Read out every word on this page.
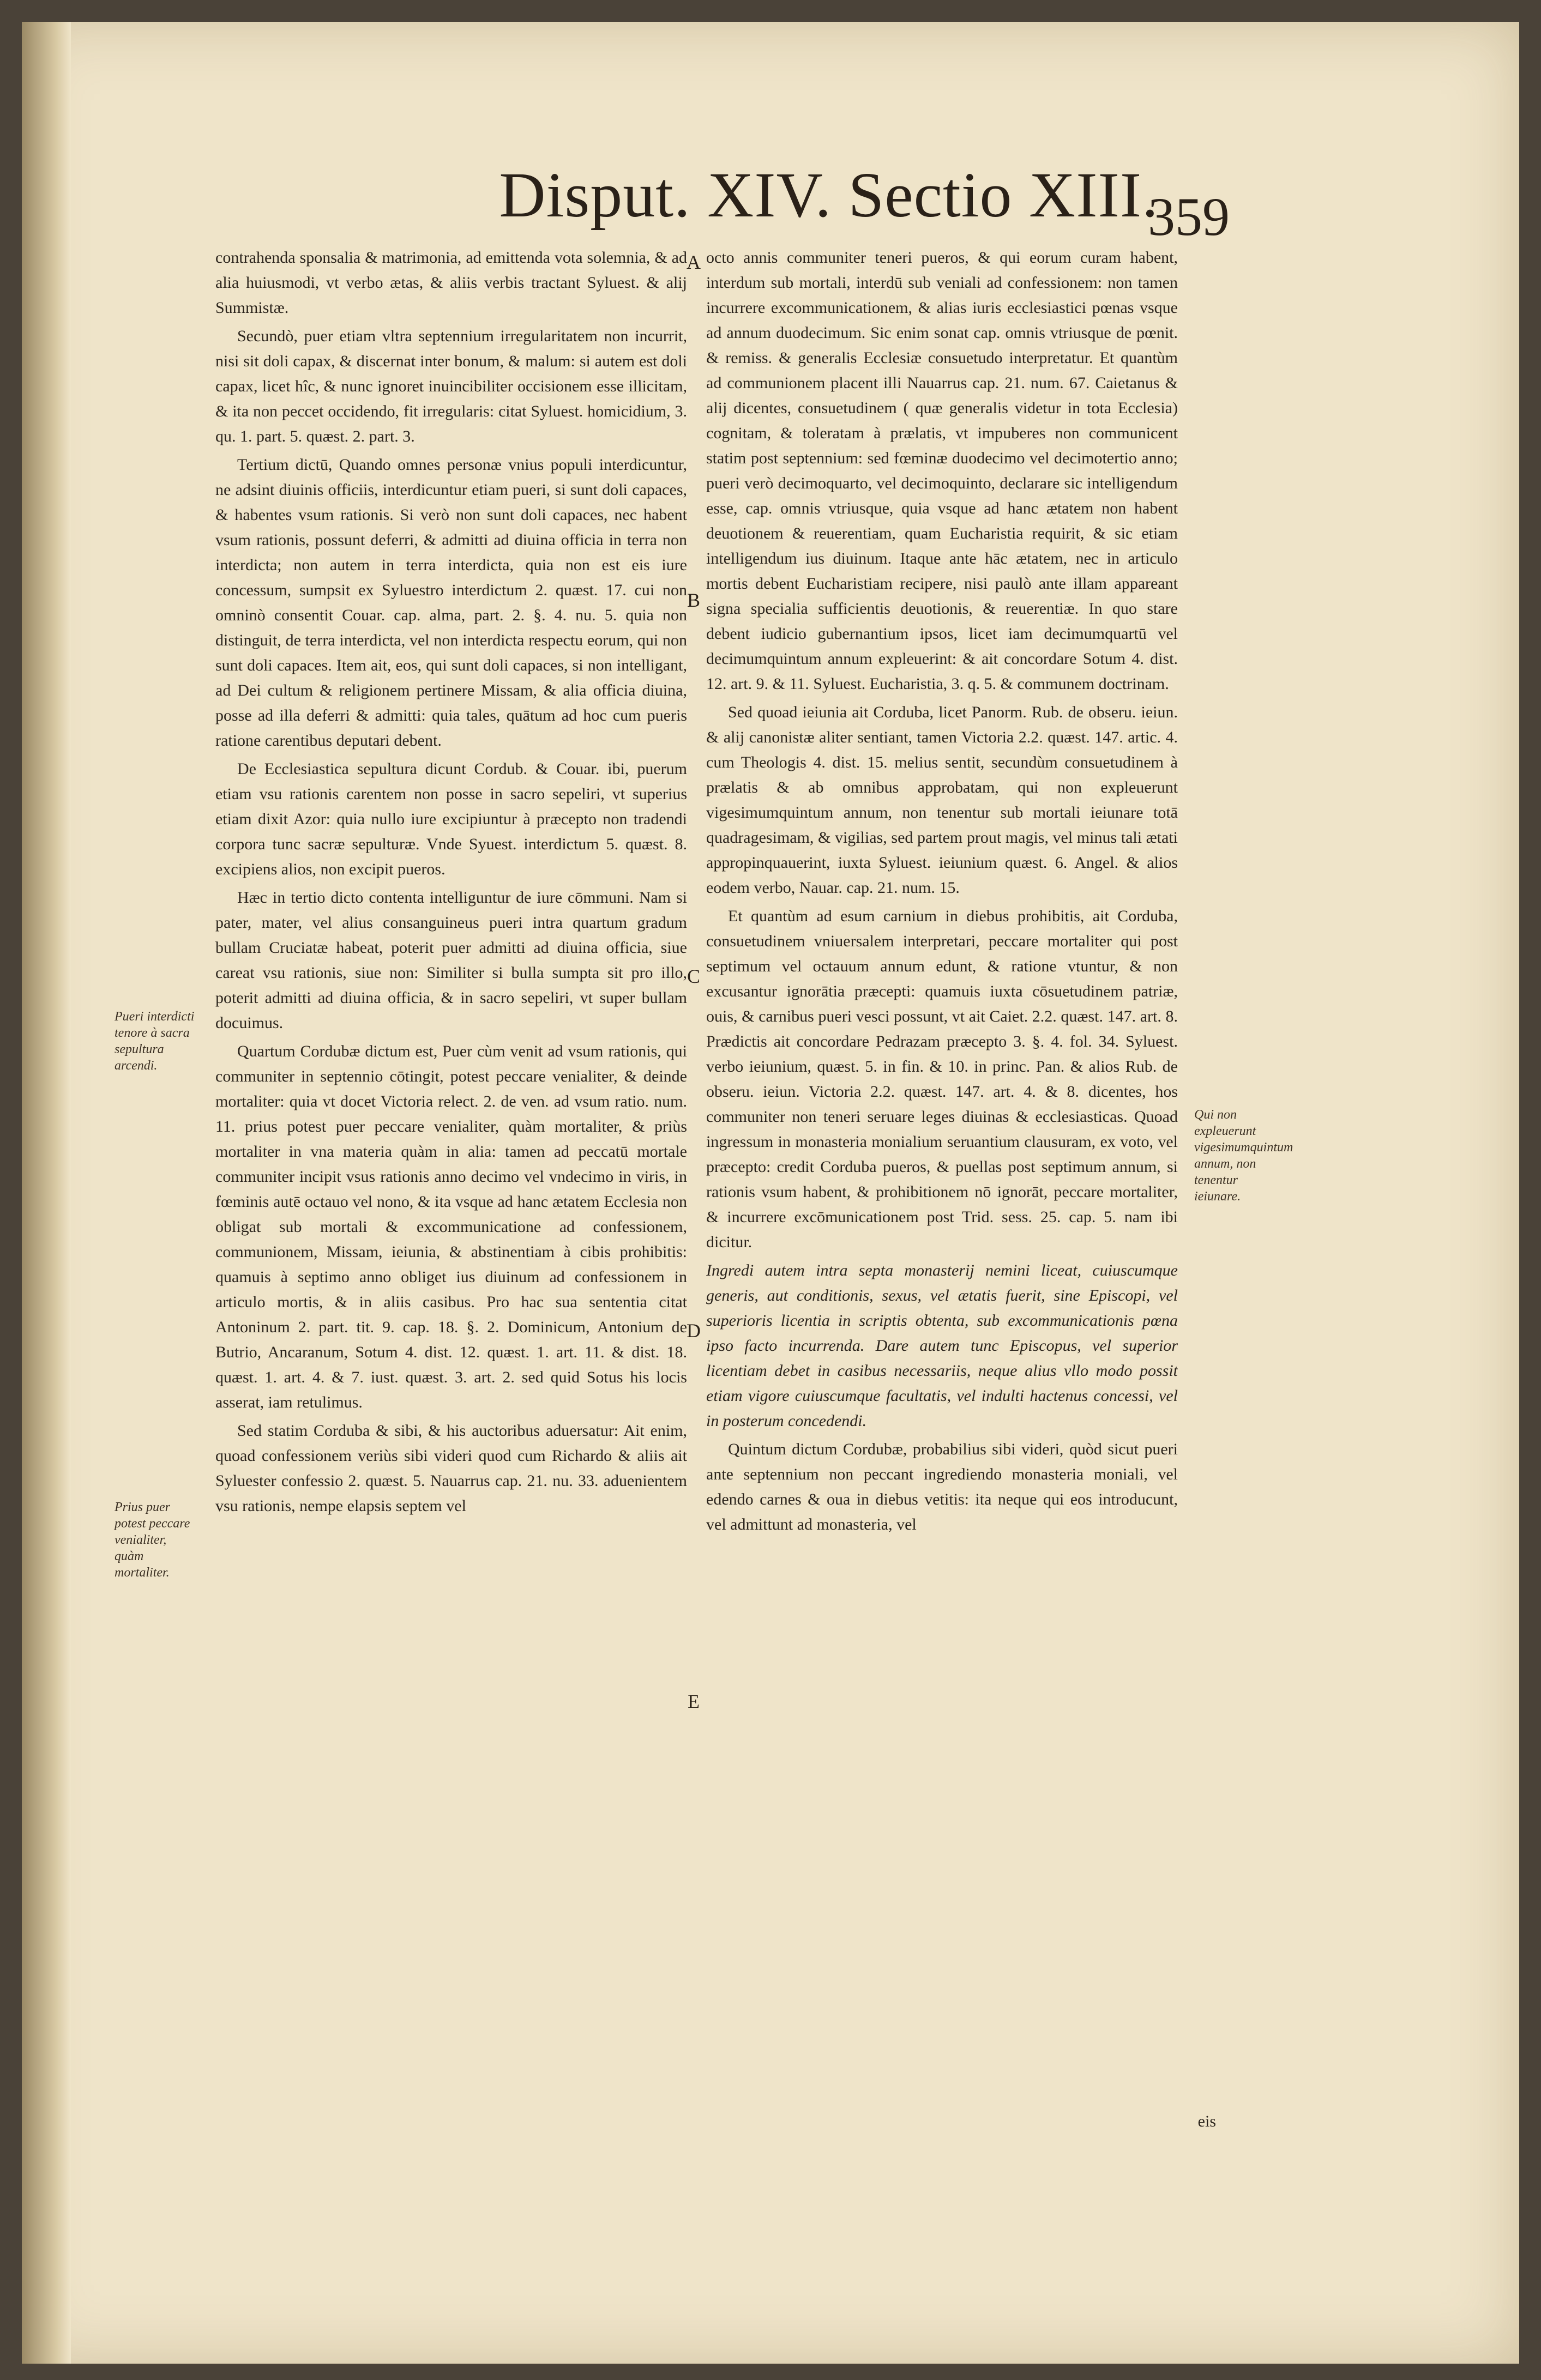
Disput. XIV. Sectio XIII.
359

contrahenda sponsalia & matrimonia, ad emittenda vota solemnia, & ad alia huiusmodi, vt verbo ætas, & aliis verbis tractant Syluest. & alij Summistæ.

Secundò, puer etiam vltra septennium irregularitatem non incurrit, nisi sit doli capax, & discernat inter bonum, & malum: si autem est doli capax, licet hîc, & nunc ignoret inuincibiliter occisionem esse illicitam, & ita non peccet occidendo, fit irregularis: citat Syluest. homicidium, 3. qu. 1. part. 5. quæst. 2. part. 3.

Tertium dictū, Quando omnes personæ vnius populi interdicuntur, ne adsint diuinis officiis, interdicuntur etiam pueri, si sunt doli capaces, & habentes vsum rationis. Si verò non sunt doli capaces, nec habent vsum rationis, possunt deferri, & admitti ad diuina officia in terra non interdicta; non autem in terra interdicta, quia non est eis iure concessum, sumpsit ex Syluestro interdictum 2. quæst. 17. cui non omninò consentit Couar. cap. alma, part. 2. §. 4. nu. 5. quia non distinguit, de terra interdicta, vel non interdicta respectu eorum, qui non sunt doli capaces. Item ait, eos, qui sunt doli capaces, si non intelligant, ad Dei cultum & religionem pertinere Missam, & alia officia diuina, posse ad illa deferri & admitti: quia tales, quātum ad hoc cum pueris ratione carentibus deputari debent.

De Ecclesiastica sepultura dicunt Cordub. & Couar. ibi, puerum etiam vsu rationis carentem non posse in sacro sepeliri, vt superius etiam dixit Azor: quia nullo iure excipiuntur à præcepto non tradendi corpora tunc sacræ sepulturæ. Vnde Syuest. interdictum 5. quæst. 8. excipiens alios, non excipit pueros.

Hæc in tertio dicto contenta intelliguntur de iure cōmmuni. Nam si pater, mater, vel alius consanguineus pueri intra quartum gradum bullam Cruciatæ habeat, poterit puer admitti ad diuina officia, siue careat vsu rationis, siue non: Similiter si bulla sumpta sit pro illo, poterit admitti ad diuina officia, & in sacro sepeliri, vt super bullam docuimus.

Quartum Cordubæ dictum est, Puer cùm venit ad vsum rationis, qui communiter in septennio cōtingit, potest peccare venialiter, & deinde mortaliter: quia vt docet Victoria relect. 2. de ven. ad vsum ratio. num. 11. prius potest puer peccare venialiter, quàm mortaliter, & priùs mortaliter in vna materia quàm in alia: tamen ad peccatū mortale communiter incipit vsus rationis anno decimo vel vndecimo in viris, in fœminis autē octauo vel nono, & ita vsque ad hanc ætatem Ecclesia non obligat sub mortali & excommunicatione ad confessionem, communionem, Missam, ieiunia, & abstinentiam à cibis prohibitis: quamuis à septimo anno obliget ius diuinum ad confessionem in articulo mortis, & in aliis casibus. Pro hac sua sententia citat Antoninum 2. part. tit. 9. cap. 18. §. 2. Dominicum, Antonium de Butrio, Ancaranum, Sotum 4. dist. 12. quæst. 1. art. 11. & dist. 18. quæst. 1. art. 4. & 7. iust. quæst. 3. art. 2. sed quid Sotus his locis asserat, iam retulimus.

Sed statim Corduba & sibi, & his auctoribus aduersatur: Ait enim, quoad confessionem veriùs sibi videri quod cum Richardo & aliis ait Syluester confessio 2. quæst. 5. Nauarrus cap. 21. nu. 33. aduenientem vsu rationis, nempe elapsis septem vel

octo annis communiter teneri pueros, & qui eorum curam habent, interdum sub mortali, interdū sub veniali ad confessionem: non tamen incurrere excommunicationem, & alias iuris ecclesiastici pœnas vsque ad annum duodecimum. Sic enim sonat cap. omnis vtriusque de pœnit. & remiss. & generalis Ecclesiæ consuetudo interpretatur. Et quantùm ad communionem placent illi Nauarrus cap. 21. num. 67. Caietanus & alij dicentes, consuetudinem ( quæ generalis videtur in tota Ecclesia) cognitam, & toleratam à prælatis, vt impuberes non communicent statim post septennium: sed fœminæ duodecimo vel decimotertio anno; pueri verò decimoquarto, vel decimoquinto, declarare sic intelligendum esse, cap. omnis vtriusque, quia vsque ad hanc ætatem non habent deuotionem & reuerentiam, quam Eucharistia requirit, & sic etiam intelligendum ius diuinum. Itaque ante hāc ætatem, nec in articulo mortis debent Eucharistiam recipere, nisi paulò ante illam appareant signa specialia sufficientis deuotionis, & reuerentiæ. In quo stare debent iudicio gubernantium ipsos, licet iam decimumquartū vel decimumquintum annum expleuerint: & ait concordare Sotum 4. dist. 12. art. 9. & 11. Syluest. Eucharistia, 3. q. 5. & communem doctrinam.

Sed quoad ieiunia ait Corduba, licet Panorm. Rub. de obseru. ieiun. & alij canonistæ aliter sentiant, tamen Victoria 2.2. quæst. 147. artic. 4. cum Theologis 4. dist. 15. melius sentit, secundùm consuetudinem à prælatis & ab omnibus approbatam, qui non expleuerunt vigesimumquintum annum, non tenentur sub mortali ieiunare totā quadragesimam, & vigilias, sed partem prout magis, vel minus tali ætati appropinquauerint, iuxta Syluest. ieiunium quæst. 6. Angel. & alios eodem verbo, Nauar. cap. 21. num. 15.

Et quantùm ad esum carnium in diebus prohibitis, ait Corduba, consuetudinem vniuersalem interpretari, peccare mortaliter qui post septimum vel octauum annum edunt, & ratione vtuntur, & non excusantur ignorātia præcepti: quamuis iuxta cōsuetudinem patriæ, ouis, & carnibus pueri vesci possunt, vt ait Caiet. 2.2. quæst. 147. art. 8. Prædictis ait concordare Pedrazam præcepto 3. §. 4. fol. 34. Syluest. verbo ieiunium, quæst. 5. in fin. & 10. in princ. Pan. & alios Rub. de obseru. ieiun. Victoria 2.2. quæst. 147. art. 4. & 8. dicentes, hos communiter non teneri seruare leges diuinas & ecclesiasticas. Quoad ingressum in monasteria monialium seruantium clausuram, ex voto, vel præcepto: credit Corduba pueros, & puellas post septimum annum, si rationis vsum habent, & prohibitionem nō ignorāt, peccare mortaliter, & incurrere excōmunicationem post Trid. sess. 25. cap. 5. nam ibi dicitur.

Ingredi autem intra septa monasterij nemini liceat, cuiuscumque generis, aut conditionis, sexus, vel ætatis fuerit, sine Episcopi, vel superioris licentia in scriptis obtenta, sub excommunicationis pœna ipso facto incurrenda. Dare autem tunc Episcopus, vel superior licentiam debet in casibus necessariis, neque alius vllo modo possit etiam vigore cuiuscumque facultatis, vel indulti hactenus concessi, vel in posterum concedendi.

Quintum dictum Cordubæ, probabilius sibi videri, quòd sicut pueri ante septennium non peccant ingrediendo monasteria moniali, vel edendo carnes & oua in diebus vetitis: ita neque qui eos introducunt, vel admittunt ad monasteria, vel

A
B
C
D
E
Pueri interdicti tenore à sacra sepultura arcendi.
Prius puer potest peccare venialiter, quàm mortaliter.
Qui non expleuerunt vigesimumquintum annum, non tenentur ieiunare.
eis
